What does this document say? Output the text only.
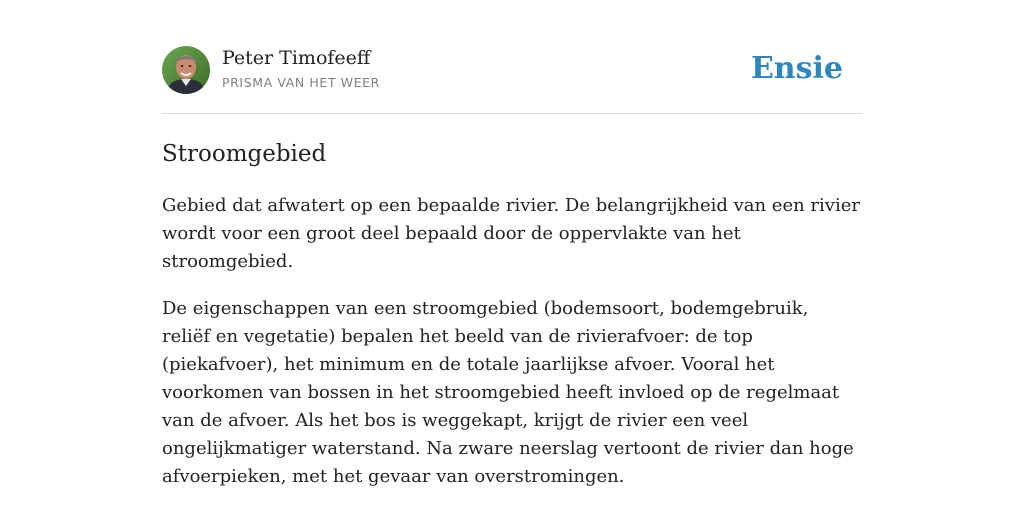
Peter Timofeeff
PRISMA VAN HET WEER	Ensie
Stroomgebied

Gebied dat afwatert op een bepaalde rivier. De belangrijkheid van een rivier wordt voor een groot deel bepaald door de oppervlakte van het stroomgebied.

De eigenschappen van een stroomgebied (bodemsoort, bodemgebruik, reliëf en vegetatie) bepalen het beeld van de rivierafvoer: de top (piekafvoer), het minimum en de totale jaarlijkse afvoer. Vooral het voorkomen van bossen in het stroomgebied heeft invloed op de regelmaat van de afvoer. Als het bos is weggekapt, krijgt de rivier een veel ongelijkmatiger waterstand. Na zware neerslag vertoont de rivier dan hoge afvoerpieken, met het gevaar van overstromingen.
